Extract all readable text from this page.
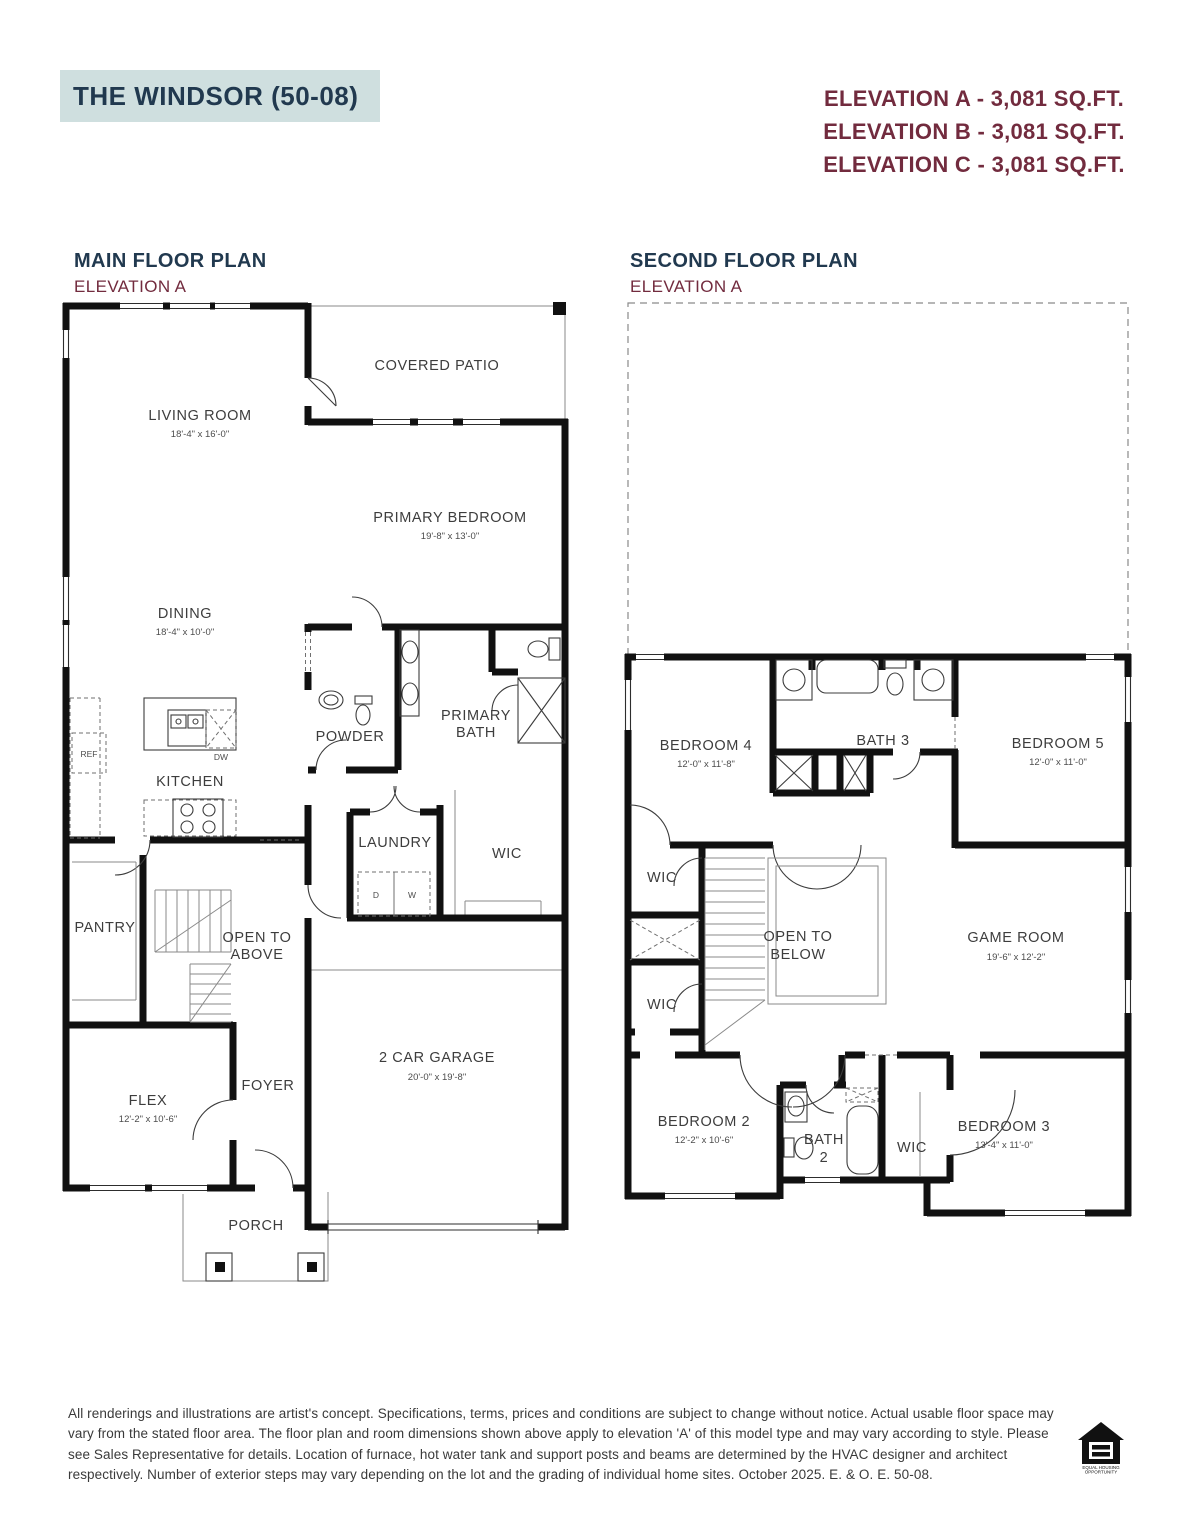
THE WINDSOR (50-08)	ELEVATION A - 3,081 SQ.FT.
ELEVATION B - 3,081 SQ.FT.
ELEVATION C - 3,081 SQ.FT.
MAIN FLOOR PLAN
ELEVATION A
SECOND FLOOR PLAN
ELEVATION A
COVERED PATIO
LIVING ROOM
18'-4" x 16'-0"
PRIMARY BEDROOM
19'-8" x 13'-0"
DINING
18'-4" x 10'-0"
POWDER
PRIMARY
BATH
KITCHEN
REF	DW
LAUNDRY
D	W
WIC
PANTRY
OPEN TO
ABOVE
FLEX
12'-2" x 10'-6"
FOYER
2 CAR GARAGE
20'-0" x 19'-8"
PORCH
BEDROOM 4
12'-0" x 11'-8"
BATH 3	BEDROOM 5
12'-0" x 11'-0"
WIC
OPEN TO
BELOW
GAME ROOM
19'-6" x 12'-2"
WIC
BEDROOM 2
12'-2" x 10'-6"	BATH
2
WIC
BEDROOM 3
13'-4" x 11'-0"
All renderings and illustrations are artist's concept. Specifications, terms, prices and conditions are subject to change without notice. Actual usable floor space may vary from the stated floor area. The floor plan and room dimensions shown above apply to elevation 'A' of this model type and may vary according to style. Please see Sales Representative for details. Location of furnace, hot water tank and support posts and beams are determined by the HVAC designer and architect respectively. Number of exterior steps may vary depending on the lot and the grading of individual home sites. October 2025. E. & O. E. 50-08.	EQUAL HOUSING
OPPORTUNITY
